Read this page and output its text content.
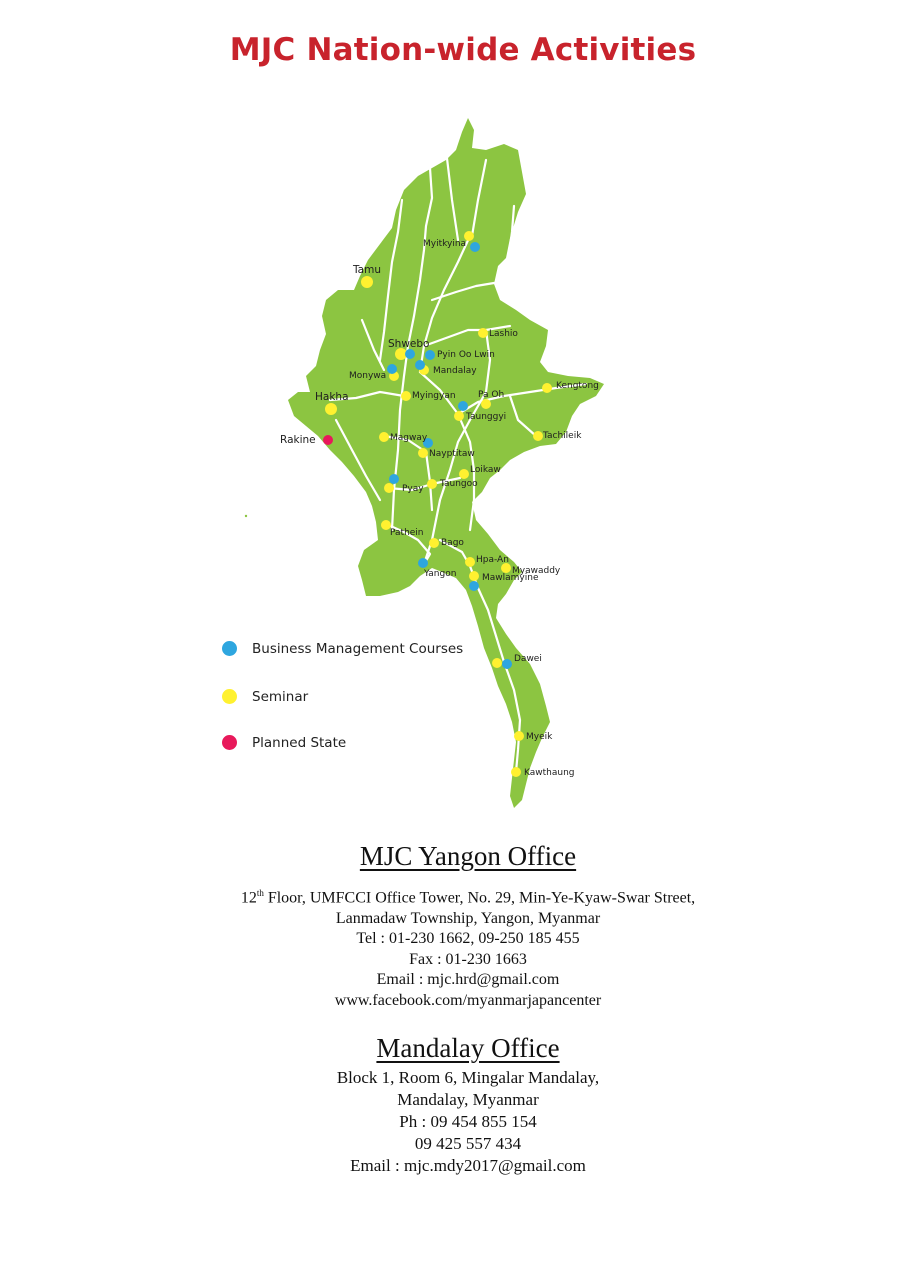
Myitkyina
Tamu
Lashio
Shwebo
Pyin Oo Lwin
Monywa	Mandalay
Kengtong
Hakha	Myingyan Pa Oh
Taunggyi
Rakine	Magway	Tachileik
Nayptitaw
Loikaw
Pyay Taungoo
Pathein
Bago
Hpa-An
Myawaddy
Yangon	Mawlamyine
Dawei
Myeik
Kawthaung
MJC Nation-wide Activities
Business Management Courses
Seminar
Planned State

MJC Yangon Office

12th Floor, UMFCCI Office Tower, No. 29, Min-Ye-Kyaw-Swar Street,

Lanmadaw Township, Yangon, Myanmar

Tel : 01-230 1662, 09-250 185 455

Fax : 01-230 1663

Email : mjc.hrd@gmail.com

www.facebook.com/myanmarjapancenter

Mandalay Office

Block 1, Room 6, Mingalar Mandalay,

Mandalay, Myanmar

Ph : 09 454 855 154

09 425 557 434

Email : mjc.mdy2017@gmail.com
